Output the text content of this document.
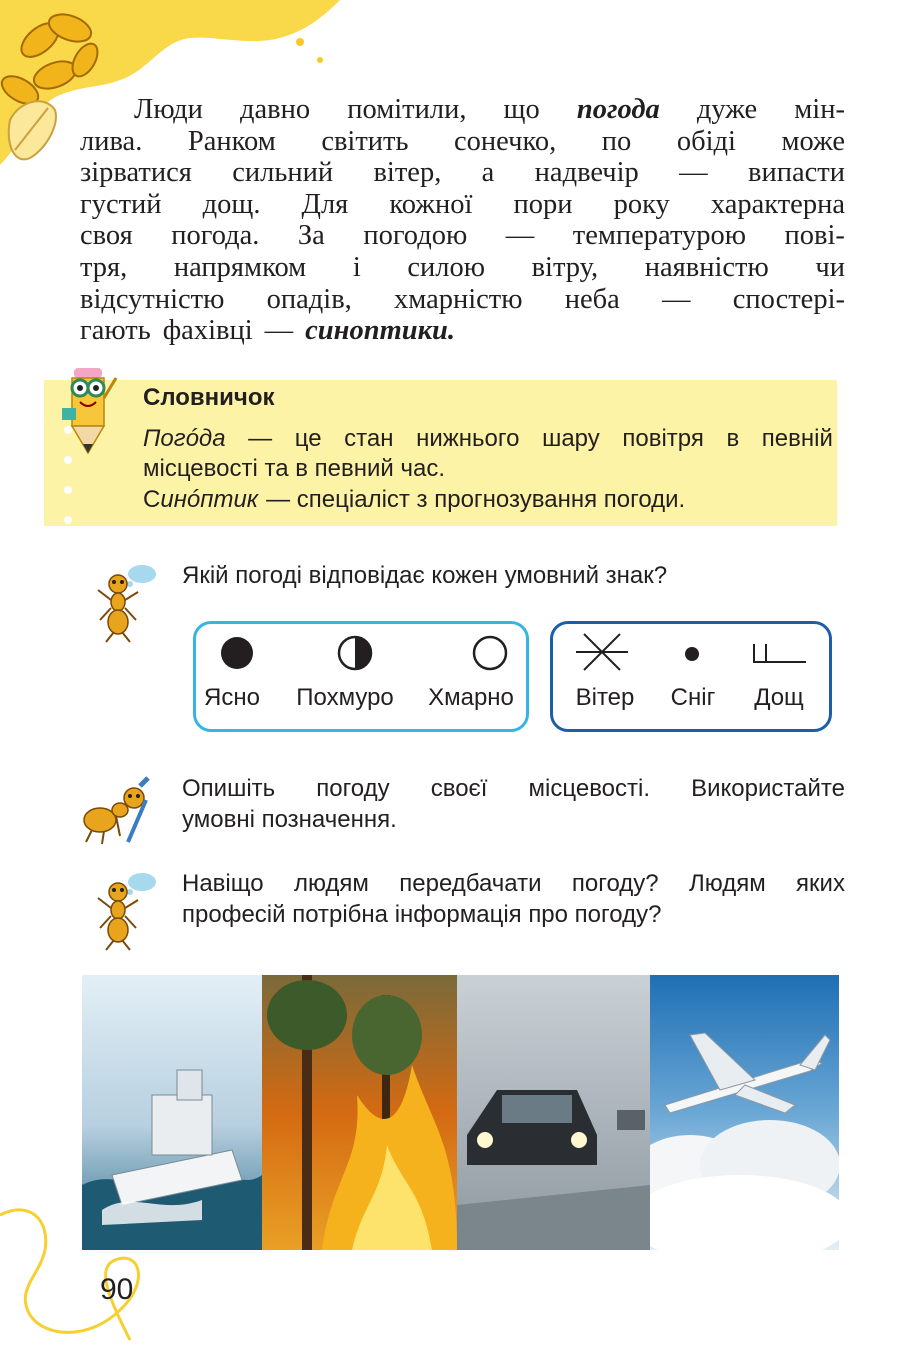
Люди давно помітили, що погода дуже мін-
лива. Ранком світить сонечко, по обіді може
зірватися сильний вітер, а надвечір — випасти
густий дощ. Для кожної пори року характерна
своя погода. За погодою — температурою пові-
тря, напрямком і силою вітру, наявністю чи
відсутністю опадів, хмарністю неба — спостері-
гають фахівці — синоптики.
Словничок
Погóда — це стан нижнього шару повітря в певній
місцевості та в певний час.
С инóптик — спеціаліст з прогнозування погоди.
Якій погоді відповідає кожен умовний знак?
Ясно Похмуро Хмарно	Вітер Сніг Дощ
Опишіть погоду своєї місцевості. Використайте
умовні позначення.
Навіщо людям передбачати погоду? Людям яких
професій потрібна інформація про погоду?
90
